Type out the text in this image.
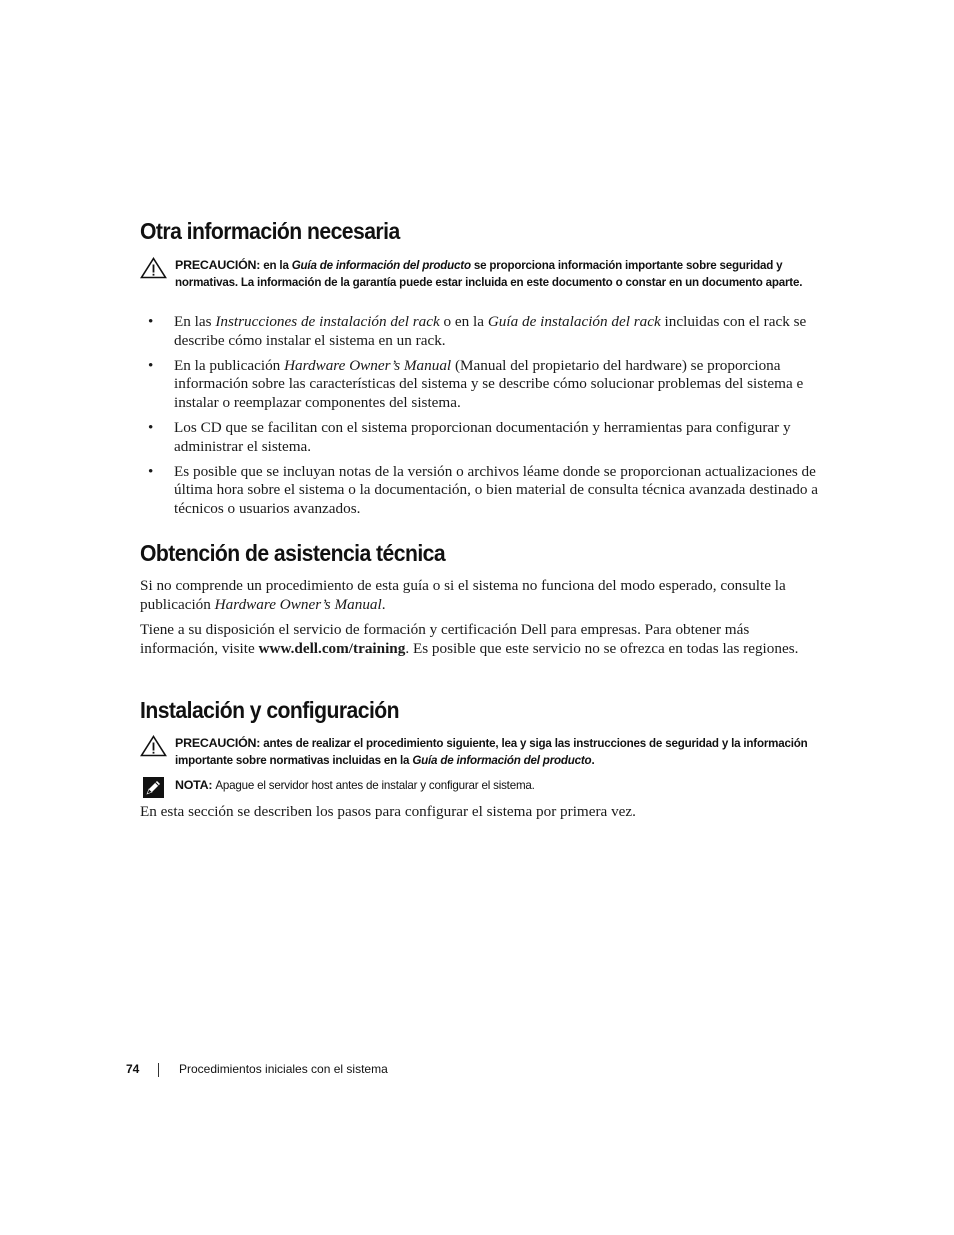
Otra información necesaria
PRECAUCIÓN: en la Guía de información del producto se proporciona información importante sobre seguridad y normativas. La información de la garantía puede estar incluida en este documento o constar en un documento aparte.
• En las Instrucciones de instalación del rack o en la Guía de instalación del rack incluidas con el rack se describe cómo instalar el sistema en un rack.
• En la publicación Hardware Owner’s Manual (Manual del propietario del hardware) se proporciona información sobre las características del sistema y se describe cómo solucionar problemas del sistema e instalar o reemplazar componentes del sistema.
• Los CD que se facilitan con el sistema proporcionan documentación y herramientas para configurar y administrar el sistema.
• Es posible que se incluyan notas de la versión o archivos léame donde se proporcionan actualizaciones de última hora sobre el sistema o la documentación, o bien material de consulta técnica avanzada destinado a técnicos o usuarios avanzados.
Obtención de asistencia técnica

Si no comprende un procedimiento de esta guía o si el sistema no funciona del modo esperado, consulte la publicación Hardware Owner’s Manual.

Tiene a su disposición el servicio de formación y certificación Dell para empresas. Para obtener más información, visite www.dell.com/training. Es posible que este servicio no se ofrezca en todas las regiones.

Instalación y configuración
PRECAUCIÓN: antes de realizar el procedimiento siguiente, lea y siga las instrucciones de seguridad y la información importante sobre normativas incluidas en la Guía de información del producto.
NOTA: Apague el servidor host antes de instalar y configurar el sistema.

En esta sección se describen los pasos para configurar el sistema por primera vez.

74	Procedimientos iniciales con el sistema
